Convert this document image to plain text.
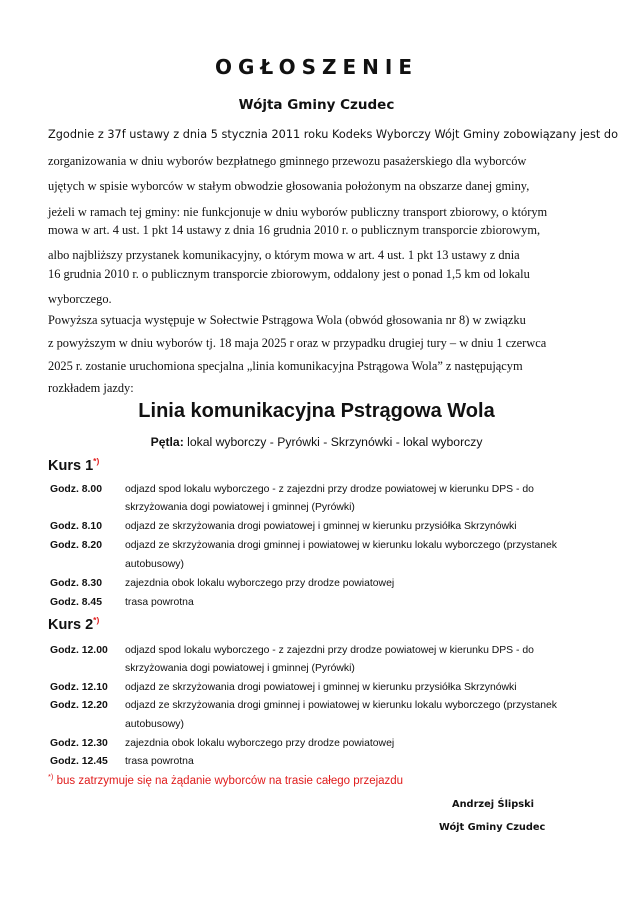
OGŁOSZENIE
Wójta Gminy Czudec
Zgodnie z 37f ustawy z dnia 5 stycznia 2011 roku Kodeks Wyborczy Wójt Gminy zobowiązany jest do
zorganizowania w dniu wyborów bezpłatnego gminnego przewozu pasażerskiego dla wyborców
ujętych w spisie wyborców w stałym obwodzie głosowania położonym na obszarze danej gminy,
jeżeli w ramach tej gminy: nie funkcjonuje w dniu wyborów publiczny transport zbiorowy, o którym
mowa w art. 4 ust. 1 pkt 14 ustawy z dnia 16 grudnia 2010 r. o publicznym transporcie zbiorowym,
albo najbliższy przystanek komunikacyjny, o którym mowa w art. 4 ust. 1 pkt 13 ustawy z dnia
16 grudnia 2010 r. o publicznym transporcie zbiorowym, oddalony jest o ponad 1,5 km od lokalu
wyborczego.
Powyższa sytuacja występuje w Sołectwie Pstrągowa Wola (obwód głosowania nr 8) w związku
z powyższym w dniu wyborów tj. 18 maja 2025 r oraz w przypadku drugiej tury – w dniu 1 czerwca
2025 r. zostanie uruchomiona specjalna „linia komunikacyjna Pstrągowa Wola” z następującym
rozkładem jazdy:
Linia komunikacyjna Pstrągowa Wola
Pętla: lokal wyborczy - Pyrówki - Skrzynówki - lokal wyborczy
Kurs 1*)
Godz. 8.00 odjazd spod lokalu wyborczego - z zajezdni przy drodze powiatowej w kierunku DPS - do
skrzyżowania dogi powiatowej i gminnej (Pyrówki)
Godz. 8.10 odjazd ze skrzyżowania drogi powiatowej i gminnej w kierunku przysiółka Skrzynówki
Godz. 8.20 odjazd ze skrzyżowania drogi gminnej i powiatowej w kierunku lokalu wyborczego (przystanek
autobusowy)
Godz. 8.30 zajezdnia obok lokalu wyborczego przy drodze powiatowej
Godz. 8.45 trasa powrotna
Kurs 2*)
Godz. 12.00 odjazd spod lokalu wyborczego - z zajezdni przy drodze powiatowej w kierunku DPS - do
skrzyżowania dogi powiatowej i gminnej (Pyrówki)
Godz. 12.10 odjazd ze skrzyżowania drogi powiatowej i gminnej w kierunku przysiółka Skrzynówki
Godz. 12.20 odjazd ze skrzyżowania drogi gminnej i powiatowej w kierunku lokalu wyborczego (przystanek
autobusowy)
Godz. 12.30 zajezdnia obok lokalu wyborczego przy drodze powiatowej
Godz. 12.45 trasa powrotna
*) bus zatrzymuje się na żądanie wyborców na trasie całego przejazdu
Andrzej Ślipski
Wójt Gminy Czudec
